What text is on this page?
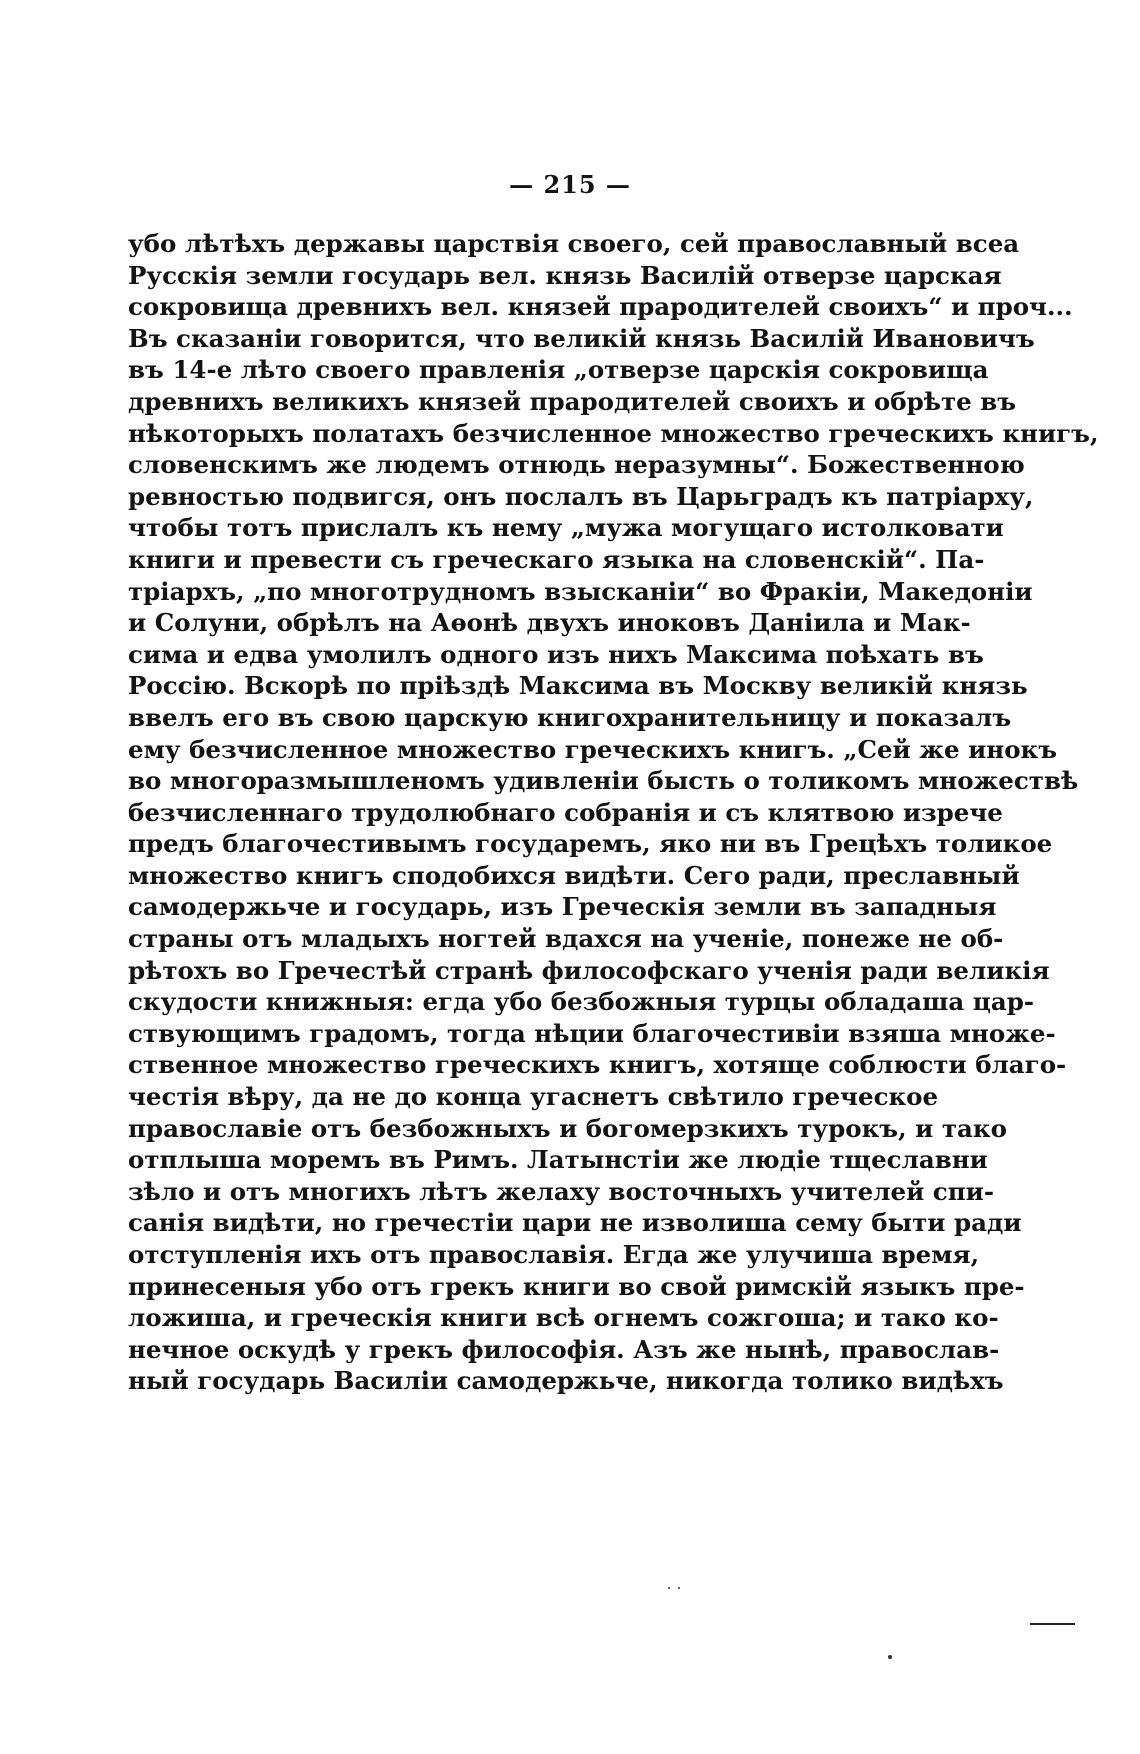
— 215 —
убо лѣтѣхъ державы царствія своего, сей православный всеа
Русскія земли государь вел. князь Василій отверзе царская
сокровища древнихъ вел. князей прародителей своихъ“ и проч...
Въ сказаніи говорится, что великій князь Василій Ивановичъ
въ 14-е лѣто своего правленія „отверзе царскія сокровища
древнихъ великихъ князей прародителей своихъ и обрѣте въ
нѣкоторыхъ полатахъ безчисленное множество греческихъ книгъ,
словенскимъ же людемъ отнюдь неразумны“. Божественною
ревностью подвигся, онъ послалъ въ Царьградъ къ патріарху,
чтобы тотъ прислалъ къ нему „мужа могущаго истолковати
книги и превести съ греческаго языка на словенскій“. Па-
тріархъ, „по многотрудномъ взысканіи“ во Фракіи, Македоніи
и Солуни, обрѣлъ на Аѳонѣ двухъ иноковъ Даніила и Мак-
сима и едва умолилъ одного изъ нихъ Максима поѣхать въ
Россію. Вскорѣ по пріѣздѣ Максима въ Москву великій князь
ввелъ его въ свою царскую книгохранительницу и показалъ
ему безчисленное множество греческихъ книгъ. „Сей же инокъ
во многоразмышленомъ удивленіи бысть о толикомъ множествѣ
безчисленнаго трудолюбнаго собранія и съ клятвою изрече
предъ благочестивымъ государемъ, яко ни въ Грецѣхъ толикое
множество книгъ сподобихся видѣти. Сего ради, преславный
самодержьче и государь, изъ Греческія земли въ западныя
страны отъ младыхъ ногтей вдахся на ученіе, понеже не об-
рѣтохъ во Гречестѣй странѣ философскаго ученія ради великія
скудости книжныя: егда убо безбожныя турцы обладаша цар-
ствующимъ градомъ, тогда нѣции благочестивіи взяша множе-
ственное множество греческихъ книгъ, хотяще соблюсти благо-
честія вѣру, да не до конца угаснетъ свѣтило греческое
православіе отъ безбожныхъ и богомерзкихъ турокъ, и тако
отплыша моремъ въ Римъ. Латынстіи же людіе тщеславни
зѣло и отъ многихъ лѣтъ желаху восточныхъ учителей спи-
санія видѣти, но гречестіи цари не изволиша сему быти ради
отступленія ихъ отъ православія. Егда же улучиша время,
принесеныя убо отъ грекъ книги во свой римскій языкъ пре-
ложиша, и греческія книги всѣ огнемъ сожгоша; и тако ко-
нечное оскудѣ у грекъ философія. Азъ же нынѣ, православ-
ный государь Василіи самодержьче, никогда толико видѣхъ
